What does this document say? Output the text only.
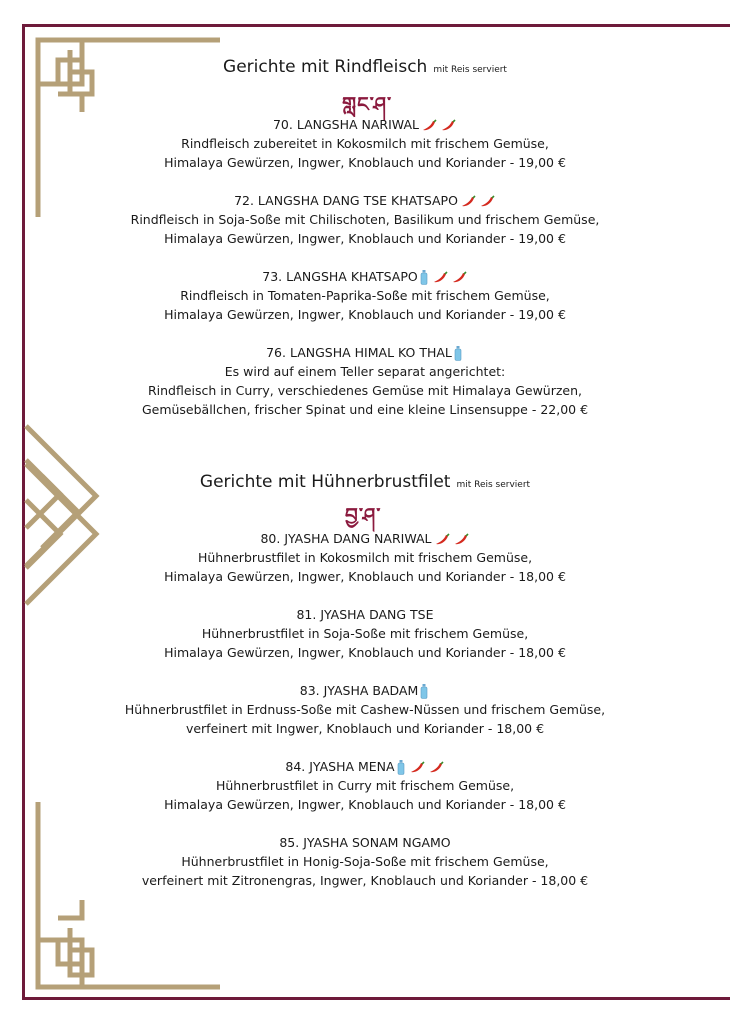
Gerichte mit Rindfleisch mit Reis serviert
གླང་ཤ་
70. LANGSHA NARIWAL
Rindfleisch zubereitet in Kokosmilch mit frischem Gemüse,
Himalaya Gewürzen, Ingwer, Knoblauch und Koriander - 19,00 €
72. LANGSHA DANG TSE KHATSAPO
Rindfleisch in Soja-Soße mit Chilischoten, Basilikum und frischem Gemüse,
Himalaya Gewürzen, Ingwer, Knoblauch und Koriander - 19,00 €
73. LANGSHA KHATSAPO
Rindfleisch in Tomaten-Paprika-Soße mit frischem Gemüse,
Himalaya Gewürzen, Ingwer, Knoblauch und Koriander - 19,00 €
76. LANGSHA HIMAL KO THAL
Es wird auf einem Teller separat angerichtet:
Rindfleisch in Curry, verschiedenes Gemüse mit Himalaya Gewürzen,
Gemüsebällchen, frischer Spinat und eine kleine Linsensuppe - 22,00 €
Gerichte mit Hühnerbrustfilet mit Reis serviert
བྱ་ཤ་
80. JYASHA DANG NARIWAL
Hühnerbrustfilet in Kokosmilch mit frischem Gemüse,
Himalaya Gewürzen, Ingwer, Knoblauch und Koriander - 18,00 €
81. JYASHA DANG TSE
Hühnerbrustfilet in Soja-Soße mit frischem Gemüse,
Himalaya Gewürzen, Ingwer, Knoblauch und Koriander - 18,00 €
83. JYASHA BADAM
Hühnerbrustfilet in Erdnuss-Soße mit Cashew-Nüssen und frischem Gemüse,
verfeinert mit Ingwer, Knoblauch und Koriander - 18,00 €
84. JYASHA MENA
Hühnerbrustfilet in Curry mit frischem Gemüse,
Himalaya Gewürzen, Ingwer, Knoblauch und Koriander - 18,00 €
85. JYASHA SONAM NGAMO
Hühnerbrustfilet in Honig-Soja-Soße mit frischem Gemüse,
verfeinert mit Zitronengras, Ingwer, Knoblauch und Koriander - 18,00 €
